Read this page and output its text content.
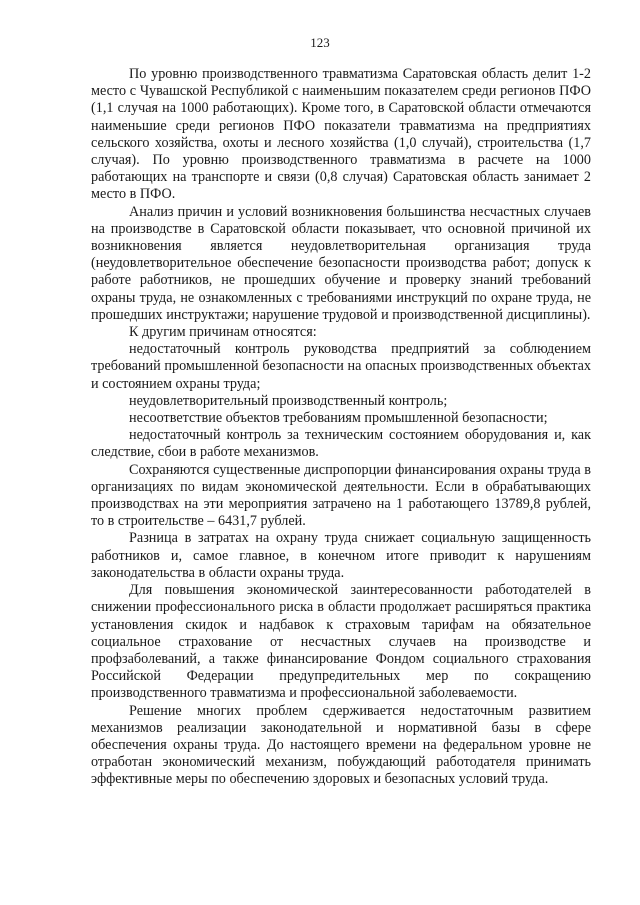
123

По уровню производственного травматизма Саратовская область делит 1-2 место с Чувашской Республикой с наименьшим показателем среди регионов ПФО (1,1 случая на 1000 работающих). Кроме того, в Саратовской области отмечаются наименьшие среди регионов ПФО показатели травматизма на предприятиях сельского хозяйства, охоты и лесного хозяйства (1,0 случай), строительства (1,7 случая). По уровню производственного травматизма в расчете на 1000 работающих на транспорте и связи (0,8 случая) Саратовская область занимает 2 место в ПФО.

Анализ причин и условий возникновения большинства несчастных случаев на производстве в Саратовской области показывает, что основной причиной их возникновения является неудовлетворительная организация труда (неудовлетворительное обеспечение безопасности производства работ; допуск к работе работников, не прошедших обучение и проверку знаний требований охраны труда, не ознакомленных с требованиями инструкций по охране труда, не прошедших инструктажи; нарушение трудовой и производственной дисциплины).

К другим причинам относятся:

недостаточный контроль руководства предприятий за соблюдением требований промышленной безопасности на опасных производственных объектах и состоянием охраны труда;

неудовлетворительный производственный контроль;

несоответствие объектов требованиям промышленной безопасности;

недостаточный контроль за техническим состоянием оборудования и, как следствие, сбои в работе механизмов.

Сохраняются существенные диспропорции финансирования охраны труда в организациях по видам экономической деятельности. Если в обрабатывающих производствах на эти мероприятия затрачено на 1 работающего 13789,8 рублей, то в строительстве – 6431,7 рублей.

Разница в затратах на охрану труда снижает социальную защищенность работников и, самое главное, в конечном итоге приводит к нарушениям законодательства в области охраны труда.

Для повышения экономической заинтересованности работодателей в снижении профессионального риска в области продолжает расширяться практика установления скидок и надбавок к страховым тарифам на обязательное социальное страхование от несчастных случаев на производстве и профзаболеваний, а также финансирование Фондом социального страхования Российской Федерации предупредительных мер по сокращению производственного травматизма и профессиональной заболеваемости.

Решение многих проблем сдерживается недостаточным развитием механизмов реализации законодательной и нормативной базы в сфере обеспечения охраны труда. До настоящего времени на федеральном уровне не отработан экономический механизм, побуждающий работодателя принимать эффективные меры по обеспечению здоровых и безопасных условий труда.
